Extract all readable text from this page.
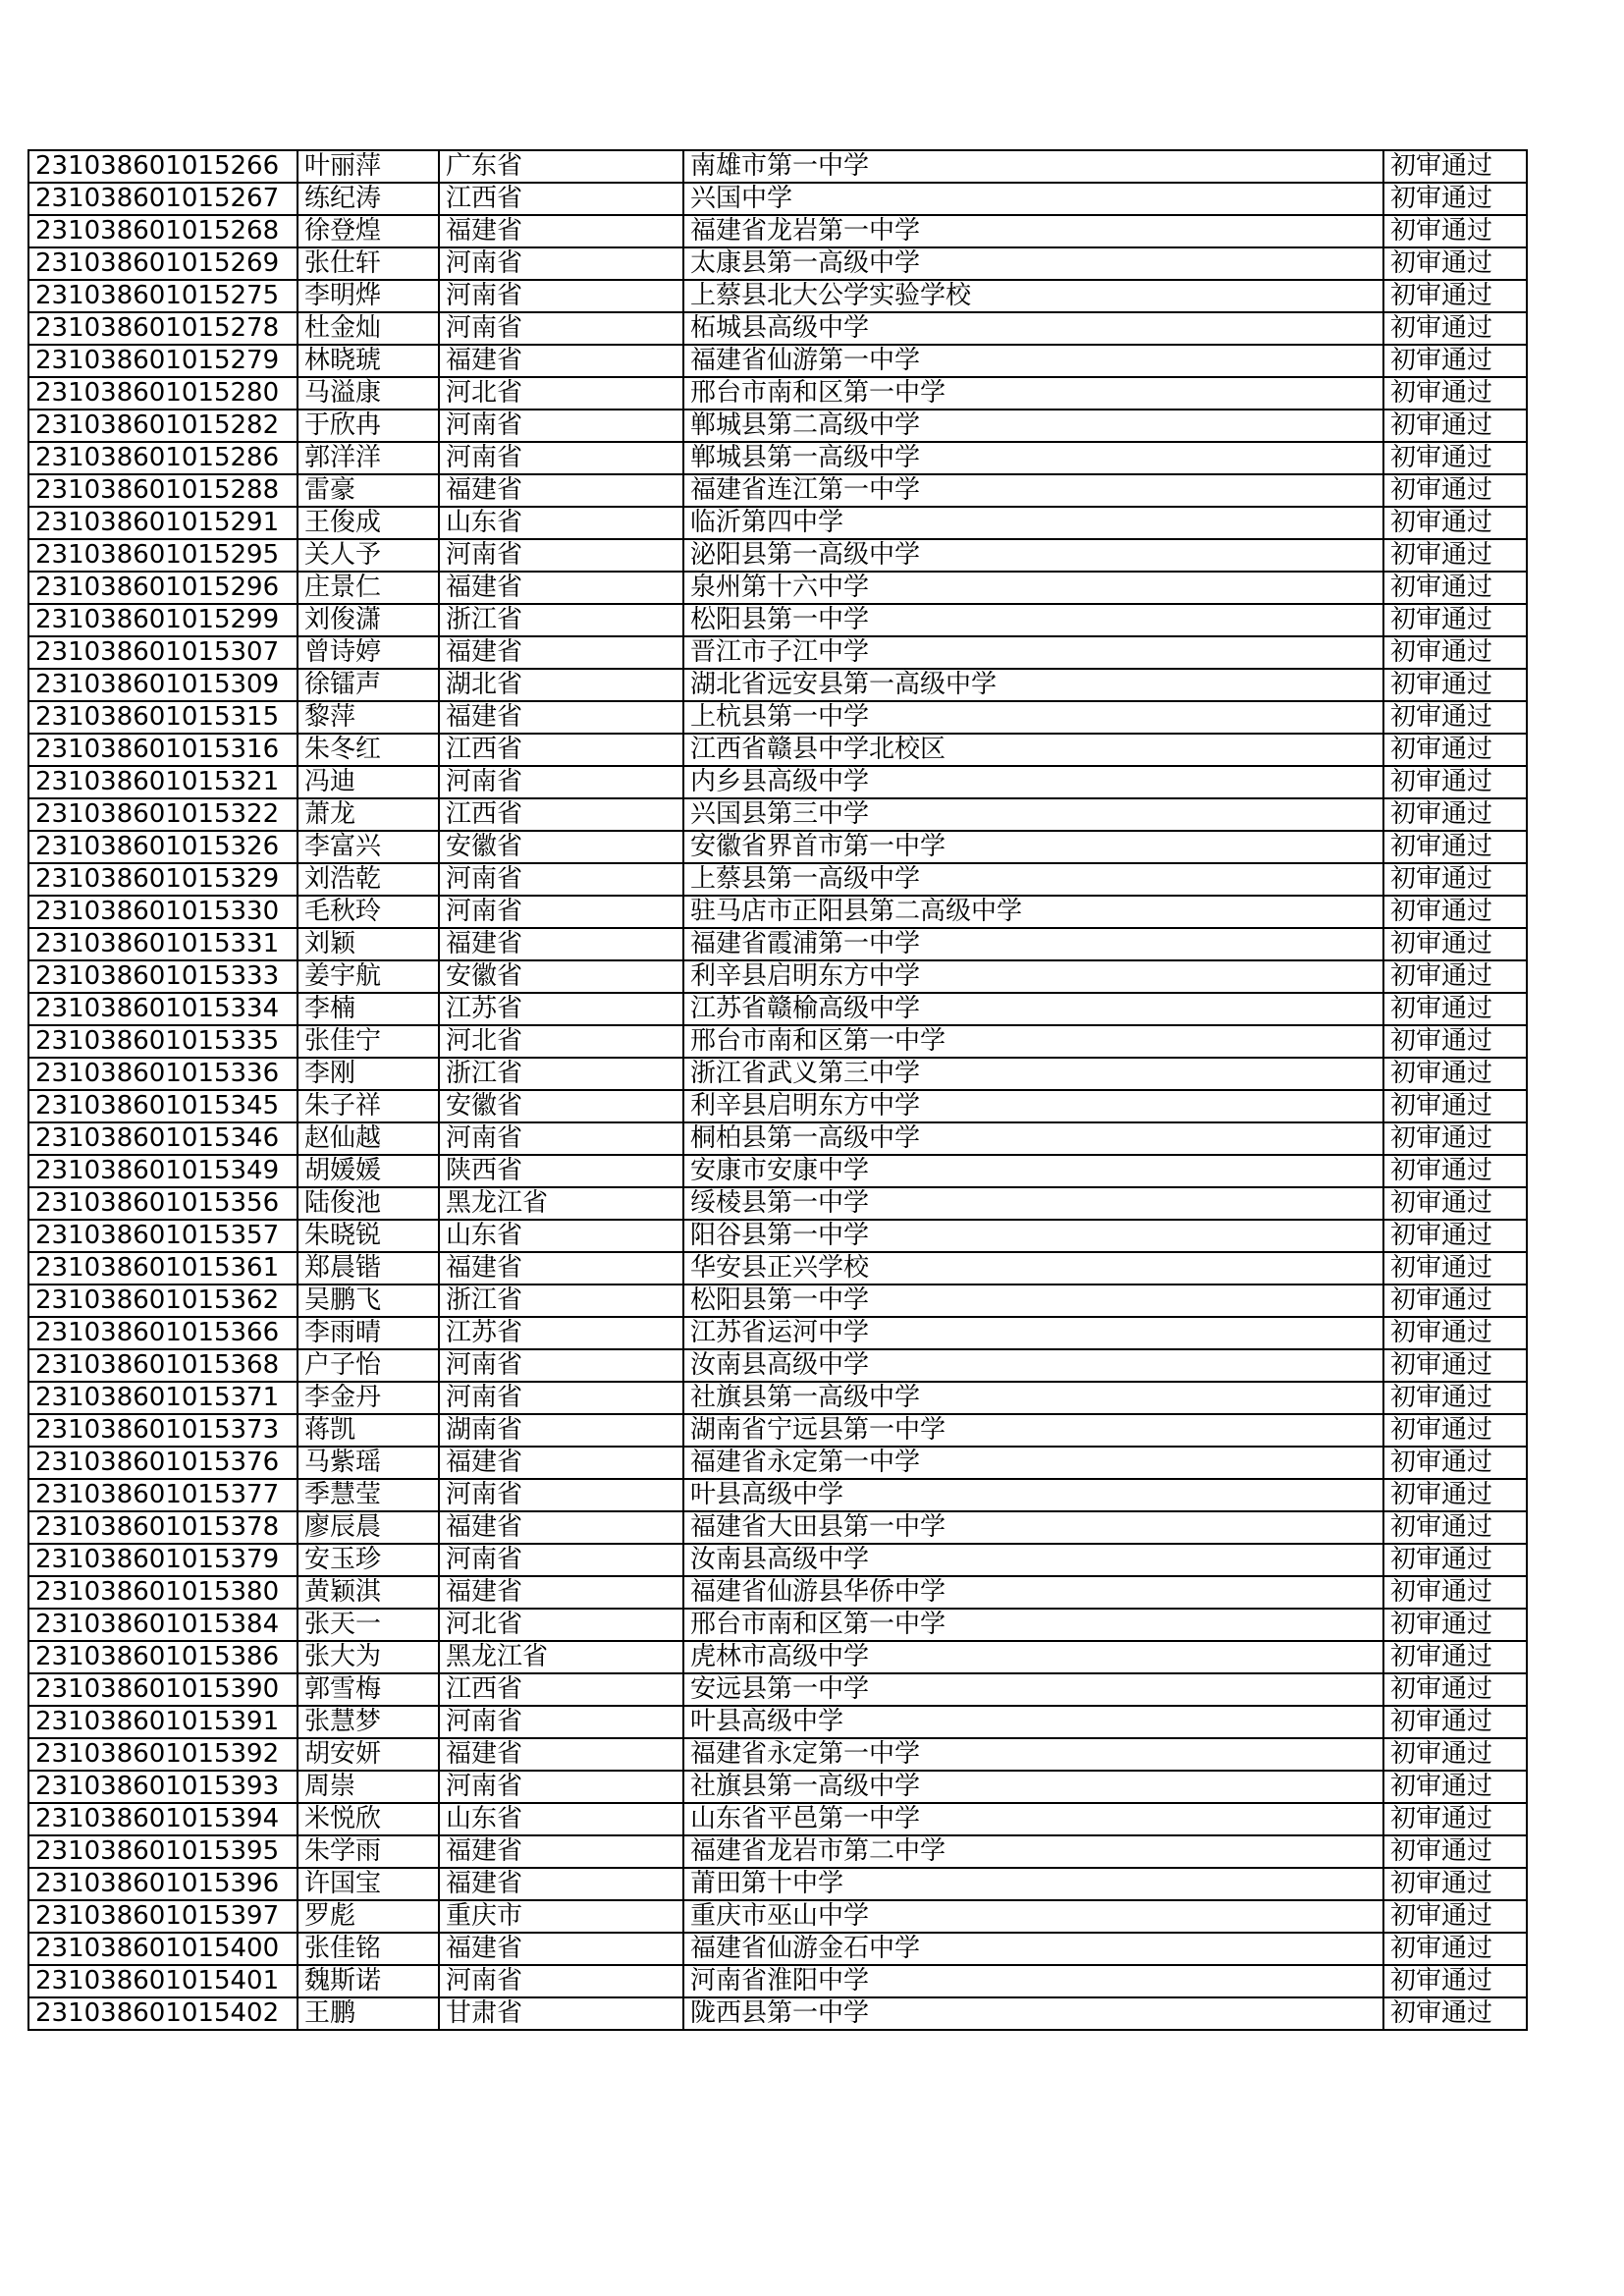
231038601015266	叶丽萍	广东省	南雄市第一中学	初审通过
231038601015267	练纪涛	江西省	兴国中学	初审通过
231038601015268	徐登煌	福建省	福建省龙岩第一中学	初审通过
231038601015269	张仕轩	河南省	太康县第一高级中学	初审通过
231038601015275	李明烨	河南省	上蔡县北大公学实验学校	初审通过
231038601015278	杜金灿	河南省	柘城县高级中学	初审通过
231038601015279	林晓琥	福建省	福建省仙游第一中学	初审通过
231038601015280	马溢康	河北省	邢台市南和区第一中学	初审通过
231038601015282	于欣冉	河南省	郸城县第二高级中学	初审通过
231038601015286	郭洋洋	河南省	郸城县第一高级中学	初审通过
231038601015288	雷豪	福建省	福建省连江第一中学	初审通过
231038601015291	王俊成	山东省	临沂第四中学	初审通过
231038601015295	关人予	河南省	泌阳县第一高级中学	初审通过
231038601015296	庄景仁	福建省	泉州第十六中学	初审通过
231038601015299	刘俊潇	浙江省	松阳县第一中学	初审通过
231038601015307	曾诗婷	福建省	晋江市子江中学	初审通过
231038601015309	徐镭声	湖北省	湖北省远安县第一高级中学	初审通过
231038601015315	黎萍	福建省	上杭县第一中学	初审通过
231038601015316	朱冬红	江西省	江西省赣县中学北校区	初审通过
231038601015321	冯迪	河南省	内乡县高级中学	初审通过
231038601015322	萧龙	江西省	兴国县第三中学	初审通过
231038601015326	李富兴	安徽省	安徽省界首市第一中学	初审通过
231038601015329	刘浩乾	河南省	上蔡县第一高级中学	初审通过
231038601015330	毛秋玲	河南省	驻马店市正阳县第二高级中学	初审通过
231038601015331	刘颖	福建省	福建省霞浦第一中学	初审通过
231038601015333	姜宇航	安徽省	利辛县启明东方中学	初审通过
231038601015334	李楠	江苏省	江苏省赣榆高级中学	初审通过
231038601015335	张佳宁	河北省	邢台市南和区第一中学	初审通过
231038601015336	李刚	浙江省	浙江省武义第三中学	初审通过
231038601015345	朱子祥	安徽省	利辛县启明东方中学	初审通过
231038601015346	赵仙越	河南省	桐柏县第一高级中学	初审通过
231038601015349	胡媛媛	陕西省	安康市安康中学	初审通过
231038601015356	陆俊池	黑龙江省	绥棱县第一中学	初审通过
231038601015357	朱晓锐	山东省	阳谷县第一中学	初审通过
231038601015361	郑晨锴	福建省	华安县正兴学校	初审通过
231038601015362	吴鹏飞	浙江省	松阳县第一中学	初审通过
231038601015366	李雨晴	江苏省	江苏省运河中学	初审通过
231038601015368	户子怡	河南省	汝南县高级中学	初审通过
231038601015371	李金丹	河南省	社旗县第一高级中学	初审通过
231038601015373	蒋凯	湖南省	湖南省宁远县第一中学	初审通过
231038601015376	马紫瑶	福建省	福建省永定第一中学	初审通过
231038601015377	季慧莹	河南省	叶县高级中学	初审通过
231038601015378	廖辰晨	福建省	福建省大田县第一中学	初审通过
231038601015379	安玉珍	河南省	汝南县高级中学	初审通过
231038601015380	黄颖淇	福建省	福建省仙游县华侨中学	初审通过
231038601015384	张天一	河北省	邢台市南和区第一中学	初审通过
231038601015386	张大为	黑龙江省	虎林市高级中学	初审通过
231038601015390	郭雪梅	江西省	安远县第一中学	初审通过
231038601015391	张慧梦	河南省	叶县高级中学	初审通过
231038601015392	胡安妍	福建省	福建省永定第一中学	初审通过
231038601015393	周崇	河南省	社旗县第一高级中学	初审通过
231038601015394	米悦欣	山东省	山东省平邑第一中学	初审通过
231038601015395	朱学雨	福建省	福建省龙岩市第二中学	初审通过
231038601015396	许国宝	福建省	莆田第十中学	初审通过
231038601015397	罗彪	重庆市	重庆市巫山中学	初审通过
231038601015400	张佳铭	福建省	福建省仙游金石中学	初审通过
231038601015401	魏斯诺	河南省	河南省淮阳中学	初审通过
231038601015402	王鹏	甘肃省	陇西县第一中学	初审通过
